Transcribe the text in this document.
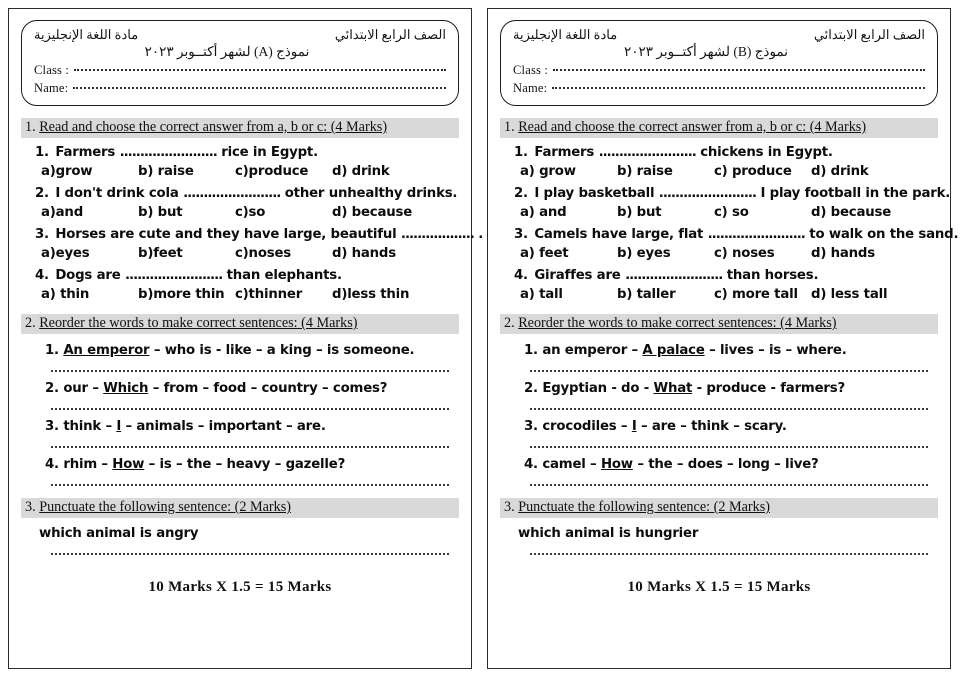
الصف الرابع الابتدائي
مادة اللغة الإنجليزية
نموذج (A) لشهر أكتــوبر ٢٠٢٣
Class :
Name:
1. Read and choose the correct answer from a, b or c: (4 Marks)
1. Farmers ........................ rice in Egypt.
a)grow	b) raise	c)produce	d) drink
2. I don't drink cola ........................ other unhealthy drinks.
a)and	b) but	c)so	d) because
3. Horses are cute and they have large, beautiful .................. .
a)eyes	b)feet	c)noses	d) hands
4. Dogs are ........................ than elephants.
a) thin	b)more thin c)thinner	d)less thin
2. Reorder the words to make correct sentences: (4 Marks)
1. An emperor – who is - like – a king – is someone.
2. our – Which – from – food – country – comes?
3. think – I – animals – important – are.
4. rhim – How – is – the – heavy – gazelle?
3. Punctuate the following sentence: (2 Marks)
which animal is angry
10 Marks X 1.5 = 15 Marks
الصف الرابع الابتدائي
مادة اللغة الإنجليزية
نموذج (B) لشهر أكتــوبر ٢٠٢٣
Class :
Name:
1. Read and choose the correct answer from a, b or c: (4 Marks)
1. Farmers ........................ chickens in Egypt.
a) grow	b) raise	c) produce	d) drink
2. I play basketball ........................ I play football in the park.
a) and	b) but	c) so	d) because
3. Camels have large, flat ........................ to walk on the sand.
a) feet	b) eyes	c) noses	d) hands
4. Giraffes are ........................ than horses.
a) tall	b) taller	c) more tall d) less tall
2. Reorder the words to make correct sentences: (4 Marks)
1. an emperor – A palace – lives – is – where.
2. Egyptian - do - What - produce - farmers?
3. crocodiles – I – are – think – scary.
4. camel – How – the – does – long – live?
3. Punctuate the following sentence: (2 Marks)
which animal is hungrier
10 Marks X 1.5 = 15 Marks
